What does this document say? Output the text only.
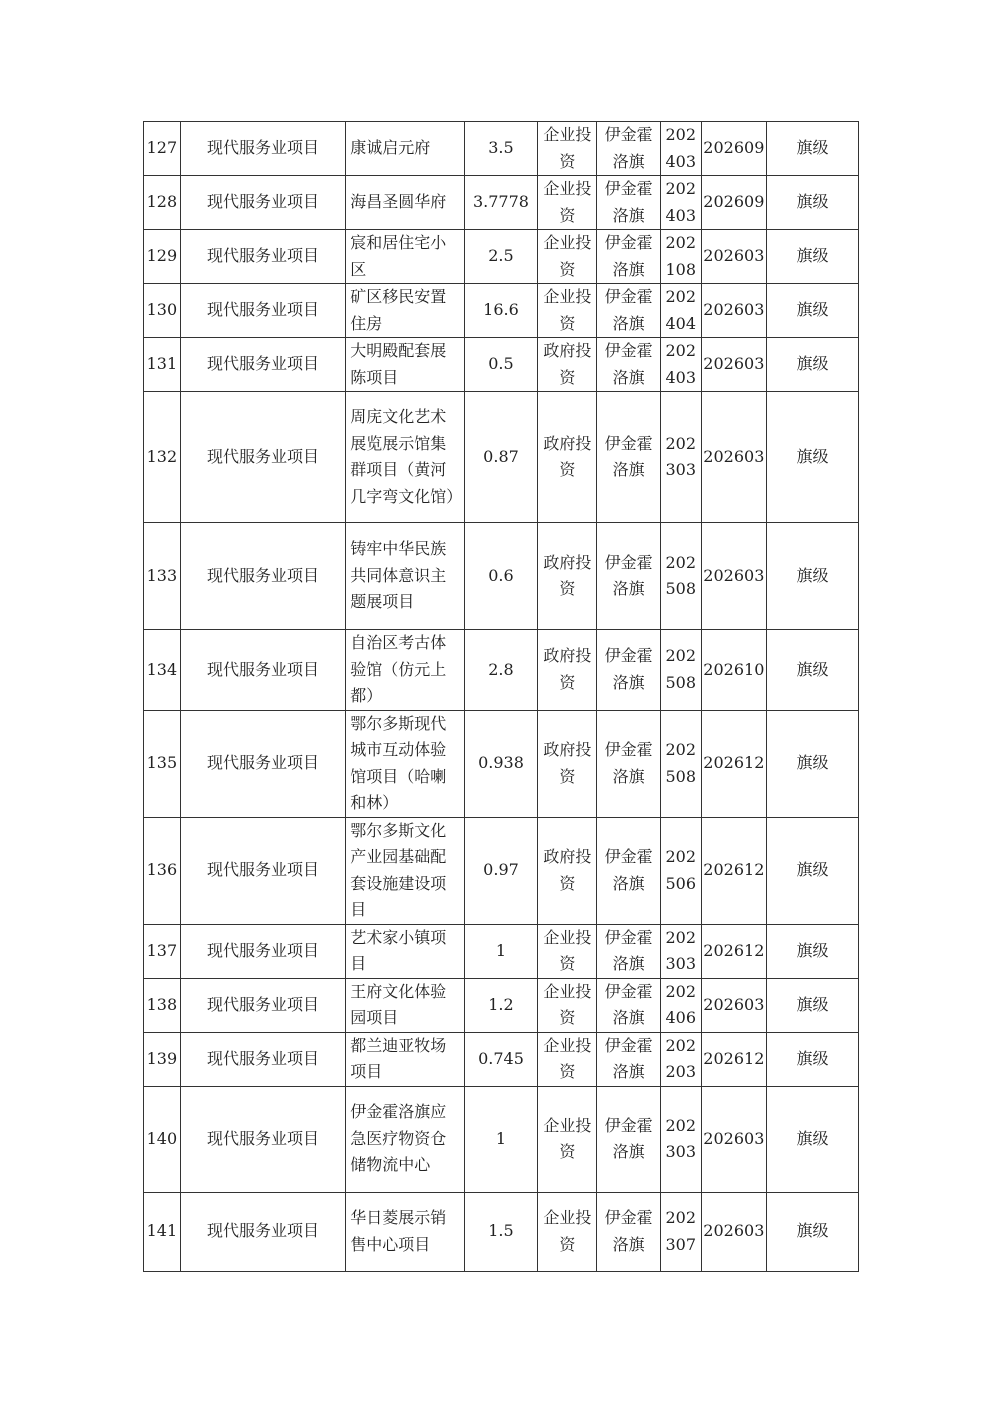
127	现代服务业项目	康诚启元府	3.5	企业投资	伊金霍洛旗	202403	202609	旗级
128	现代服务业项目	海昌圣圆华府	3.7778	企业投资	伊金霍洛旗	202403	202609	旗级
129	现代服务业项目	宸和居住宅小区	2.5	企业投资	伊金霍洛旗	202108	202603	旗级
130	现代服务业项目	矿区移民安置住房	16.6	企业投资	伊金霍洛旗	202404	202603	旗级
131	现代服务业项目	大明殿配套展陈项目	0.5	政府投资	伊金霍洛旗	202403	202603	旗级
132	现代服务业项目	周庑文化艺术展览展示馆集群项目（黄河几字弯文化馆）	0.87	政府投资	伊金霍洛旗	202303	202603	旗级
133	现代服务业项目	铸牢中华民族共同体意识主题展项目	0.6	政府投资	伊金霍洛旗	202508	202603	旗级
134	现代服务业项目	自治区考古体验馆（仿元上都）	2.8	政府投资	伊金霍洛旗	202508	202610	旗级
135	现代服务业项目	鄂尔多斯现代城市互动体验馆项目（哈喇和林）	0.938	政府投资	伊金霍洛旗	202508	202612	旗级
136	现代服务业项目	鄂尔多斯文化产业园基础配套设施建设项目	0.97	政府投资	伊金霍洛旗	202506	202612	旗级
137	现代服务业项目	艺术家小镇项目	1	企业投资	伊金霍洛旗	202303	202612	旗级
138	现代服务业项目	王府文化体验园项目	1.2	企业投资	伊金霍洛旗	202406	202603	旗级
139	现代服务业项目	都兰迪亚牧场项目	0.745	企业投资	伊金霍洛旗	202203	202612	旗级
140	现代服务业项目	伊金霍洛旗应急医疗物资仓储物流中心	1	企业投资	伊金霍洛旗	202303	202603	旗级
141	现代服务业项目	华日菱展示销售中心项目	1.5	企业投资	伊金霍洛旗	202307	202603	旗级
